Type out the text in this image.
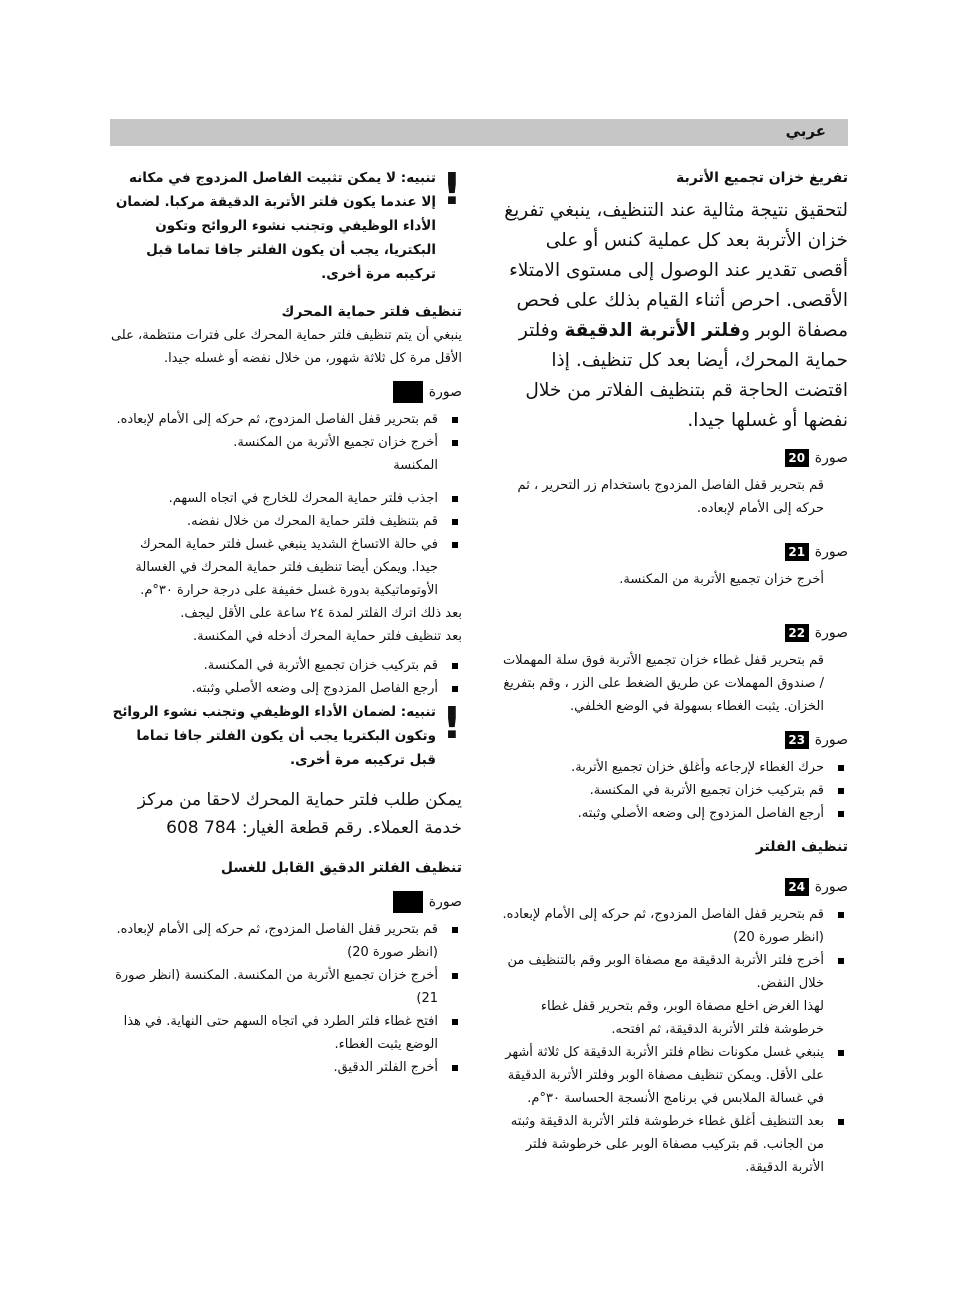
عربي

تفريغ خزان تجميع الأتربة

لتحقيق نتيجة مثالية عند التنظيف، ينبغي تفريغ خزان الأتربة بعد كل عملية كنس أو على أقصى تقدير عند الوصول إلى مستوى الامتلاء الأقصى. احرص أثناء القيام بذلك على فحص مصفاة الوبر وفلتر الأتربة الدقيقة وفلتر حماية المحرك، أيضا بعد كل تنظيف. إذا اقتضت الحاجة قم بتنظيف الفلاتر من خلال نفضها أو غسلها جيدا.

صورة
20

قم بتحرير قفل الفاصل المزدوج باستخدام زر التحرير ، ثم حركه إلى الأمام لإبعاده.

صورة
21

أخرج خزان تجميع الأتربة من المكنسة.

صورة
22

قم بتحرير قفل غطاء خزان تجميع الأتربة فوق سلة المهملات / صندوق المهملات عن طريق الضغط على الزر ، وقم بتفريغ الخزان. يثبت الغطاء بسهولة في الوضع الخلفي.

صورة
23
حرك الغطاء لإرجاعه وأغلق خزان تجميع الأتربة.
قم بتركيب خزان تجميع الأتربة في المكنسة.
أرجع الفاصل المزدوج إلى وضعه الأصلي وثبته.

تنظيف الفلتر

صورة
24
قم بتحرير قفل الفاصل المزدوج، ثم حركه إلى الأمام لإبعاده. (انظر صورة 20)
أخرج فلتر الأتربة الدقيقة مع مصفاة الوبر وقم بالتنظيف من خلال النفض.

لهذا الغرض اخلع مصفاة الوبر، وقم بتحرير قفل غطاء خرطوشة فلتر الأتربة الدقيقة، ثم افتحه.

ينبغي غسل مكونات نظام فلتر الأتربة الدقيقة كل ثلاثة أشهر على الأقل. ويمكن تنظيف مصفاة الوبر وفلتر الأتربة الدقيقة في غسالة الملابس في برنامج الأنسجة الحساسة ٣٠°م.
بعد التنظيف أغلق غطاء خرطوشة فلتر الأتربة الدقيقة وثبته من الجانب. قم بتركيب مصفاة الوبر على خرطوشة فلتر الأتربة الدقيقة.
!

تنبيه: لا يمكن تثبيت الفاصل المزدوج في مكانه إلا عندما يكون فلتر الأتربة الدقيقة مركبا. لضمان الأداء الوظيفي وتجنب نشوء الروائح وتكون البكتريا، يجب أن يكون الفلتر جافا تماما قبل تركيبه مرة أخرى.

تنظيف فلتر حماية المحرك

ينبغي أن يتم تنظيف فلتر حماية المحرك على فترات منتظمة، على الأقل مرة كل ثلاثة شهور، من خلال نفضه أو غسله جيدا.

صورة
قم بتحرير قفل الفاصل المزدوج، ثم حركه إلى الأمام لإبعاده.
أخرج خزان تجميع الأتربة من المكنسة.

المكنسة

اجذب فلتر حماية المحرك للخارج في اتجاه السهم.
قم بتنظيف فلتر حماية المحرك من خلال نفضه.
في حالة الاتساخ الشديد ينبغي غسل فلتر حماية المحرك جيدا. ويمكن أيضا تنظيف فلتر حماية المحرك في الغسالة الأوتوماتيكية بدورة غسل خفيفة على درجة حرارة ٣٠°م.

بعد ذلك اترك الفلتر لمدة ٢٤ ساعة على الأقل ليجف.

بعد تنظيف فلتر حماية المحرك أدخله في المكنسة.

قم بتركيب خزان تجميع الأتربة في المكنسة.
أرجع الفاصل المزدوج إلى وضعه الأصلي وثبته.
!

تنبيه: لضمان الأداء الوظيفي وتجنب نشوء الروائح وتكون البكتريا يجب أن يكون الفلتر جافا تماما قبل تركيبه مرة أخرى.

يمكن طلب فلتر حماية المحرك لاحقا من مركز خدمة العملاء. رقم قطعة الغيار: 784 608

تنظيف الفلتر الدقيق القابل للغسل

صورة
قم بتحرير قفل الفاصل المزدوج، ثم حركه إلى الأمام لإبعاده. (انظر صورة 20)
أخرج خزان تجميع الأتربة من المكنسة. المكنسة (انظر صورة 21)
افتح غطاء فلتر الطرد في اتجاه السهم حتى النهاية. في هذا الوضع يثبت الغطاء.
أخرج الفلتر الدقيق.
